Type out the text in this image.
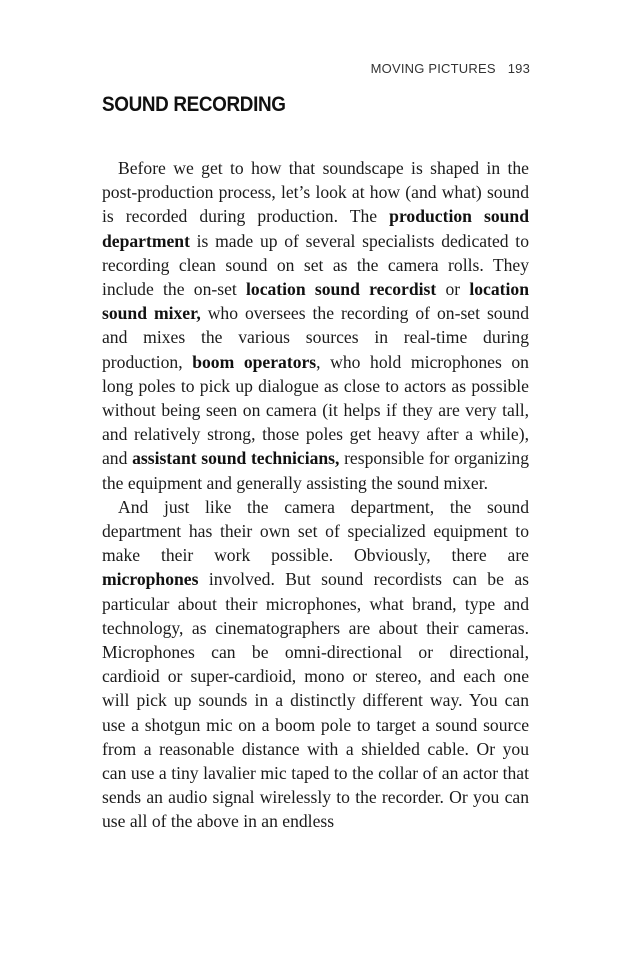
MOVING PICTURES 193
SOUND RECORDING

Before we get to how that soundscape is shaped in the post-production process, let’s look at how (and what) sound is recorded during production. The production sound department is made up of several specialists dedicated to recording clean sound on set as the camera rolls. They include the on-set location sound recordist or location sound mixer, who oversees the recording of on-set sound and mixes the various sources in real-time during production, boom operators, who hold microphones on long poles to pick up dialogue as close to actors as possible without being seen on camera (it helps if they are very tall, and relatively strong, those poles get heavy after a while), and assistant sound technicians, responsible for organizing the equipment and generally assisting the sound mixer.

And just like the camera department, the sound department has their own set of specialized equipment to make their work possible. Obviously, there are microphones involved. But sound recordists can be as particular about their microphones, what brand, type and technology, as cinematographers are about their cameras. Microphones can be omni-directional or directional, cardioid or super-cardioid, mono or stereo, and each one will pick up sounds in a distinctly different way. You can use a shotgun mic on a boom pole to target a sound source from a reasonable distance with a shielded cable. Or you can use a tiny lavalier mic taped to the collar of an actor that sends an audio signal wirelessly to the recorder. Or you can use all of the above in an endless
